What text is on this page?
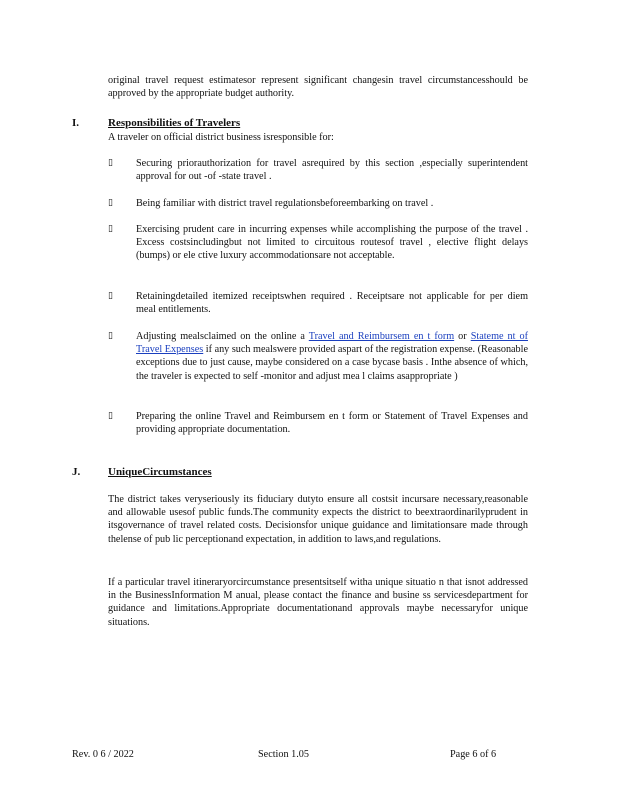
original travel request estimatesor represent significant changesin travel circumstancesshould be approved by the appropriate budget authority.
I.	Responsibilities of Travelers
A traveler on official district business isresponsible for:
▯ Securing priorauthorization for travel asrequired by this section ,especially superintendent approval for out -of -state travel .
▯ Being familiar with district travel regulationsbeforeembarking on travel .
▯ Exercising prudent care in incurring expenses while accomplishing the purpose of the travel . Excess costsincludingbut not limited to circuitous routesof travel , elective flight delays (bumps) or ele ctive luxury accommodationsare not acceptable.
▯ Retainingdetailed itemized receiptswhen required . Receiptsare not applicable for per diem meal entitlements.
▯ Adjusting mealsclaimed on the online a Travel and Reimbursem en t form or Stateme nt of Travel Expenses if any such mealswere provided aspart of the registration expense. (Reasonable exceptions due to just cause, maybe considered on a case bycase basis . Inthe absence of which, the traveler is expected to self -monitor and adjust mea l claims asappropriate )
▯ Preparing the online Travel and Reimbursem en t form or Statement of Travel Expenses and providing appropriate documentation.
J.	UniqueCircumstances
The district takes veryseriously its fiduciary dutyto ensure all costsit incursare necessary,reasonable and allowable usesof public funds.The community expects the district to beextraordinarilyprudent in itsgovernance of travel related costs. Decisionsfor unique guidance and limitationsare made through thelense of pub lic perceptionand expectation, in addition to laws,and regulations.
If a particular travel itineraryorcircumstance presentsitself witha unique situatio n that isnot addressed in the BusinessInformation M anual, please contact the finance and busine ss servicesdepartment for guidance and limitations.Appropriate documentationand approvals maybe necessaryfor unique situations.
Rev. 0 6 / 2022	Section 1.05	Page 6 of 6
